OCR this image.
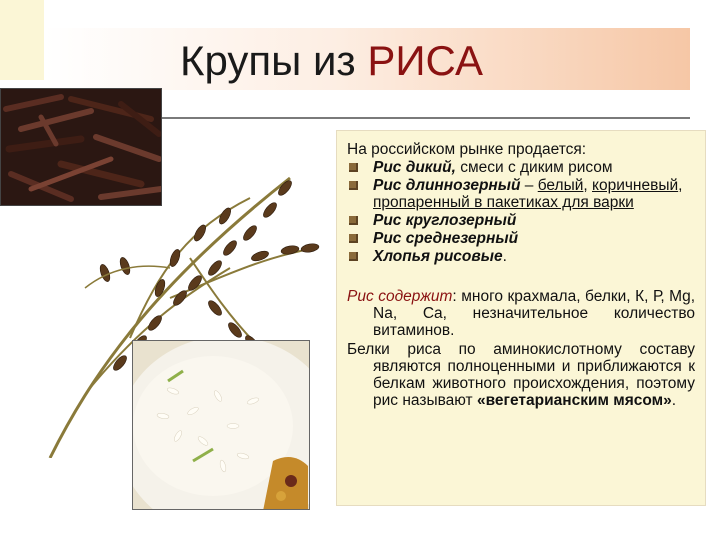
Крупы из РИСА

На российском рынке продается:

Рис дикий, смеси с диким рисом
Рис длиннозерный – белый, коричневый, пропаренный в пакетиках для варки
Рис круглозерный
Рис среднезерный
Хлопья рисовые.

Рис содержит: много крахмала, белки, К, Р, Mg, Na, Ca, незначительное количество витаминов.

Белки риса по аминокислотному составу являются полноценными и приближаются к белкам животного происхождения, поэтому рис называют «вегетарианским мясом».
